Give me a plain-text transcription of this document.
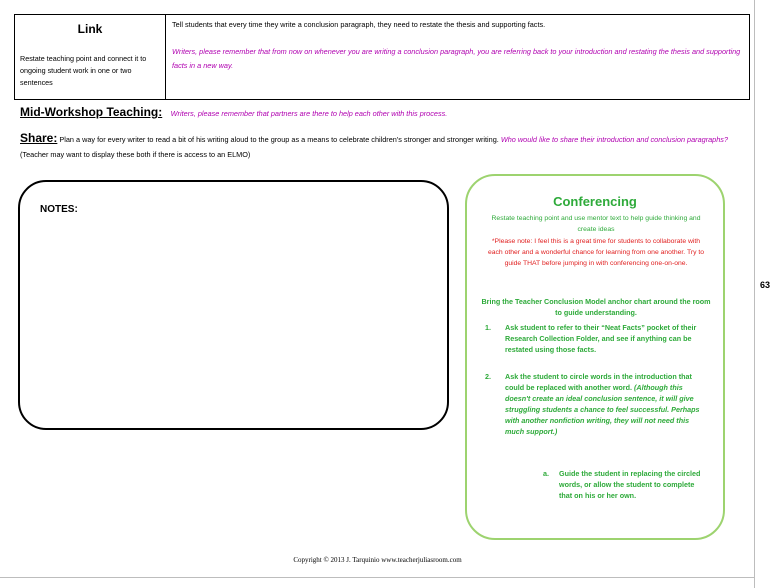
63
Link
Restate teaching point and connect it to ongoing student work in one or two sentences
Tell students that every time they write a conclusion paragraph, they need to restate the thesis and supporting facts.
Writers, please remember that from now on whenever you are writing a conclusion paragraph, you are referring back to your introduction and restating the thesis and supporting facts in a new way.
Mid-Workshop Teaching: Writers, please remember that partners are there to help each other with this process.
Share: Plan a way for every writer to read a bit of his writing aloud to the group as a means to celebrate children's stronger and stronger writing. Who would like to share their introduction and conclusion paragraphs? (Teacher may want to display these both if there is access to an ELMO)
NOTES:
Conferencing
Restate teaching point and use mentor text to help guide thinking and create ideas
*Please note: I feel this is a great time for students to collaborate with each other and a wonderful chance for learning from one another. Try to guide THAT before jumping in with conferencing one-on-one.
Bring the Teacher Conclusion Model anchor chart around the room to guide understanding.
1. Ask student to refer to their “Neat Facts” pocket of their Research Collection Folder, and see if anything can be restated using those facts.
2. Ask the student to circle words in the introduction that could be replaced with another word. (Although this doesn't create an ideal conclusion sentence, it will give struggling students a chance to feel successful. Perhaps with another nonfiction writing, they will not need this much support.)
a. Guide the student in replacing the circled words, or allow the student to complete that on his or her own.
Copyright © 2013 J. Tarquinio www.teacherjuliasroom.com
